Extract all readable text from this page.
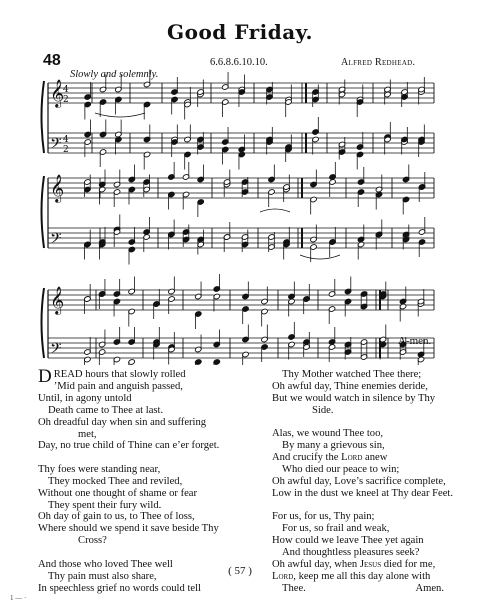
Good Friday.
48	6.6.8.6.10.10.	Alfred Redhead.
Slowly and solemnly.
𝄞
𝄢
4
2
4
2
𝄞
𝄢
𝄞
𝄢	A-men.
DREAD hours that slowly rolled
’Mid pain and anguish passed,
Until, in agony untold
Death came to Thee at last.
Oh dreadful day when sin and suffering
met,
Day, no true child of Thine can e’er forget.
Thy foes were standing near,
They mocked Thee and reviled,
Without one thought of shame or fear
They spent their fury wild.
Oh day of gain to us, to Thee of loss,
Where should we spend it save beside Thy
Cross?
And those who loved Thee well
Thy pain must also share,
In speechless grief no words could tell
Thy Mother watched Thee there;
Oh awful day, Thine enemies deride,
But we would watch in silence by Thy
Side.
Alas, we wound Thee too,
By many a grievous sin,
And crucify the Lord anew
Who died our peace to win;
Oh awful day, Love’s sacrifice complete,
Low in the dust we kneel at Thy dear Feet.
For us, for us, Thy pain;
For us, so frail and weak,
How could we leave Thee yet again
And thoughtless pleasures seek?
Oh awful day, when Jesus died for me,
Lord, keep me all this day alone with
Thee.	Amen.
( 57 )
1 — ·
